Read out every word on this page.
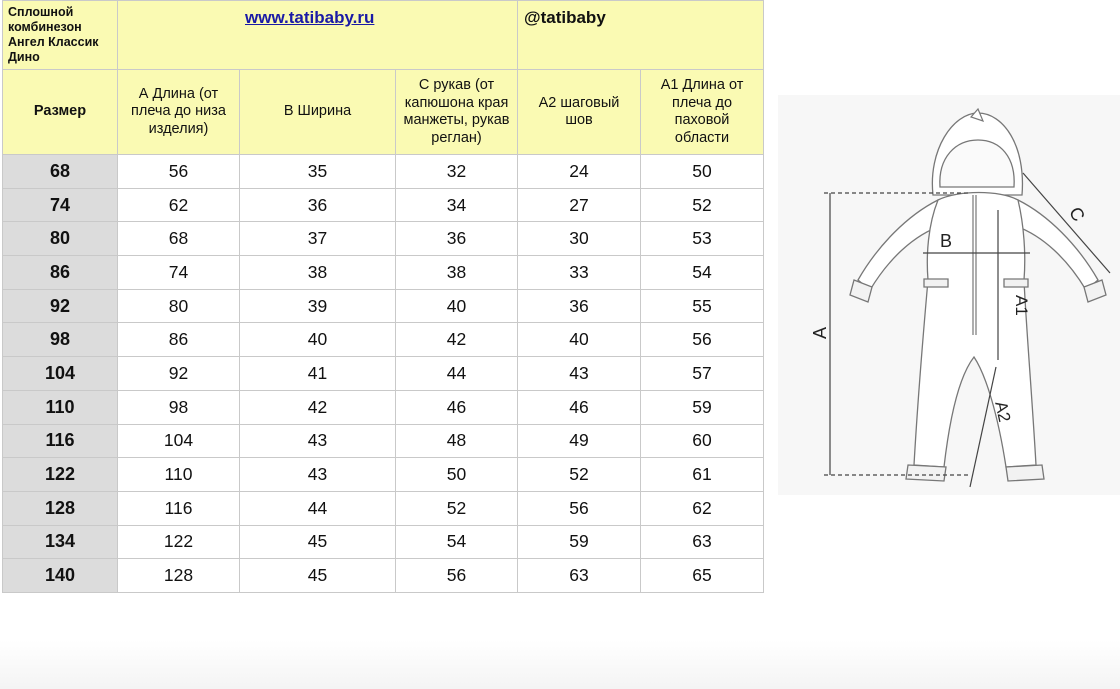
Сплошной
комбинезон
Ангел Классик
Дино	www.tatibaby.ru			@tatibaby	
Размер	А Длина (от плеча до низа изделия)	В Ширина	С рукав (от капюшона края манжеты, рукав реглан)	А2 шаговый шов	А1 Длина от плеча до паховой области
68	56	35	32	24	50
74	62	36	34	27	52
80	68	37	36	30	53
86	74	38	38	33	54
92	80	39	40	36	55
98	86	40	42	40	56
104	92	41	44	43	57
110	98	42	46	46	59
116	104	43	48	49	60
122	110	43	50	52	61
128	116	44	52	56	62
134	122	45	54	59	63
140	128	45	56	63	65
A
B
C
A1
A2
